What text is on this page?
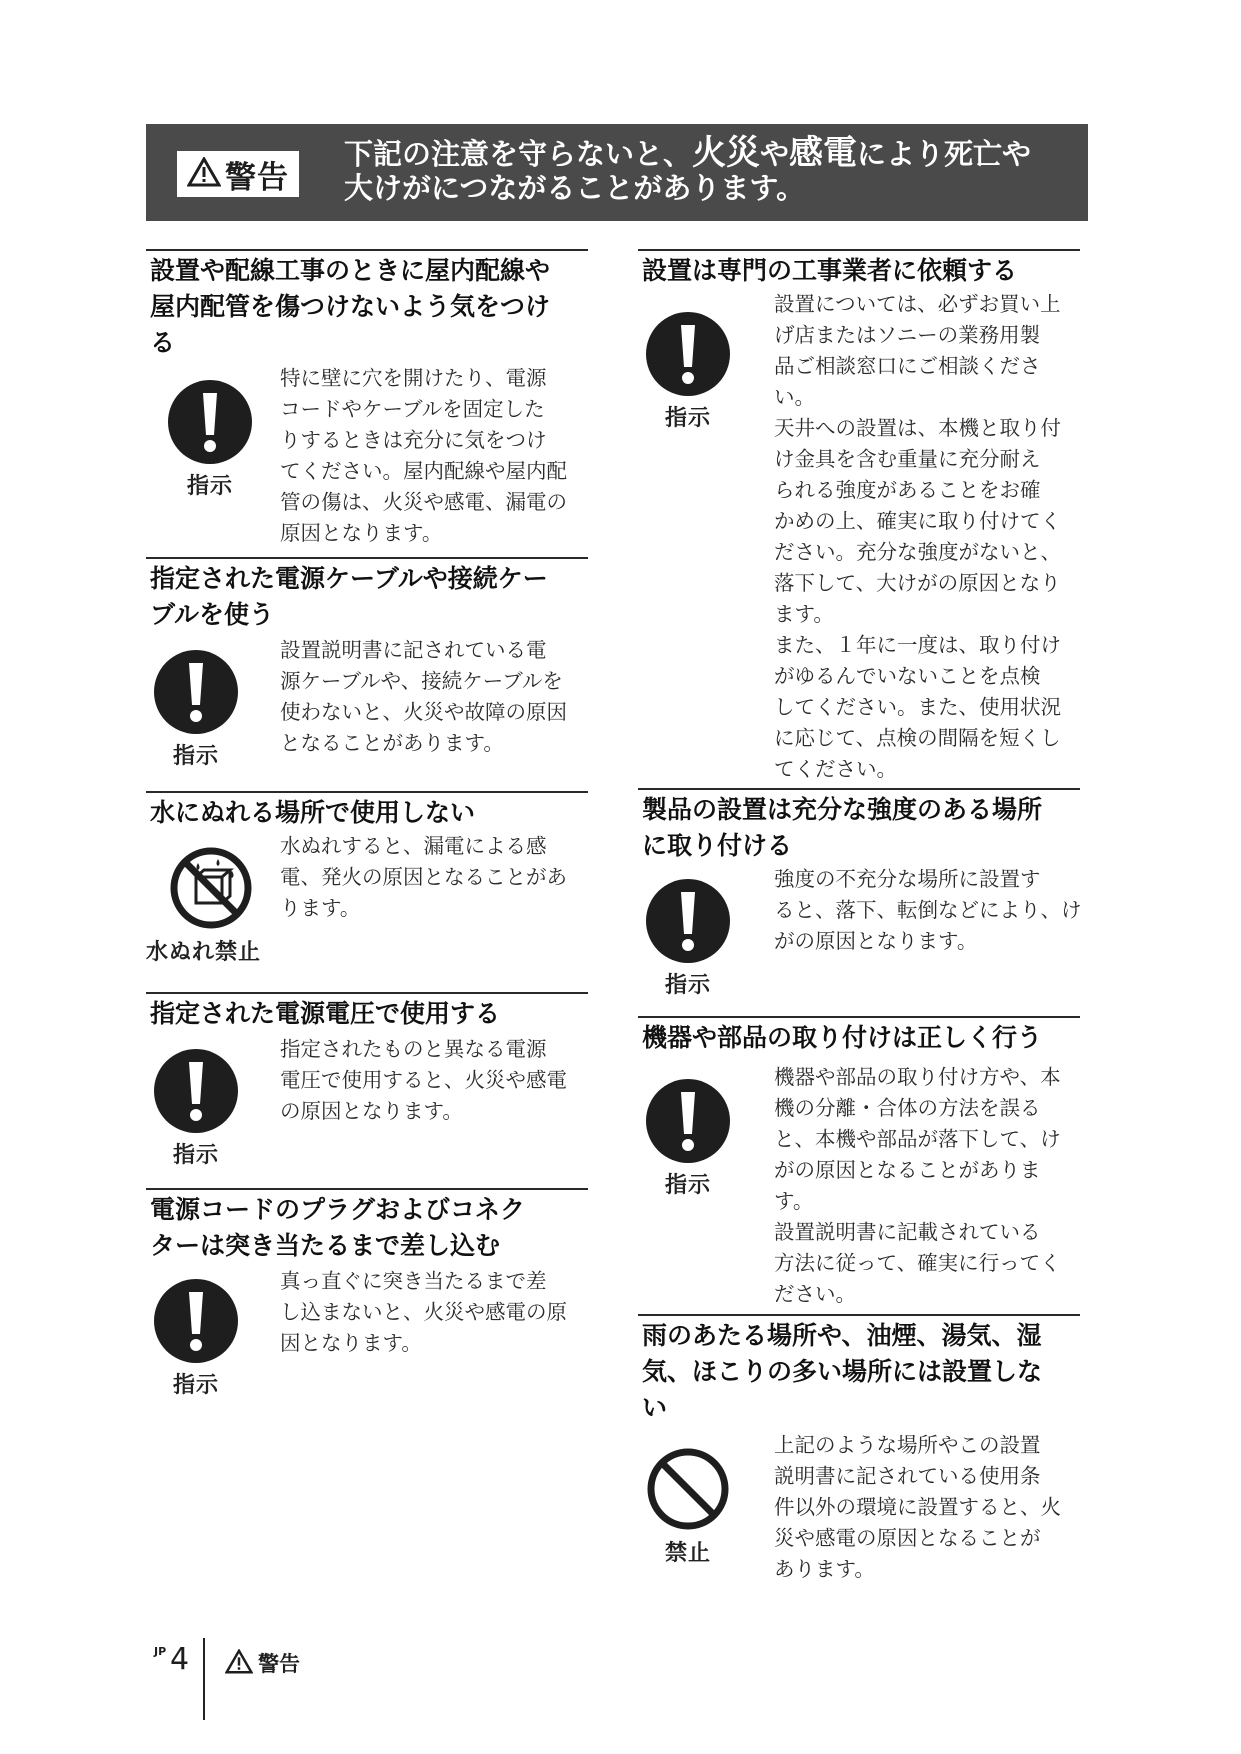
警告
下記の注意を守らないと、火災や感電により死亡や
大けがにつながることがあります。
設置や配線工事のときに屋内配線や
屋内配管を傷つけないよう気をつけ
る
指示
特に壁に穴を開けたり、電源
コードやケーブルを固定した
りするときは充分に気をつけ
てください。屋内配線や屋内配
管の傷は、火災や感電、漏電の
原因となります。
指定された電源ケーブルや接続ケー
ブルを使う
指示
設置説明書に記されている電
源ケーブルや、接続ケーブルを
使わないと、火災や故障の原因
となることがあります。
水にぬれる場所で使用しない
水ぬれ禁止
水ぬれすると、漏電による感
電、発火の原因となることがあ
ります。
指定された電源電圧で使用する
指示
指定されたものと異なる電源
電圧で使用すると、火災や感電
の原因となります。
電源コードのプラグおよびコネク
ターは突き当たるまで差し込む
指示
真っ直ぐに突き当たるまで差
し込まないと、火災や感電の原
因となります。
設置は専門の工事業者に依頼する
指示
設置については、必ずお買い上
げ店またはソニーの業務用製
品ご相談窓口にご相談くださ
い。
天井への設置は、本機と取り付
け金具を含む重量に充分耐え
られる強度があることをお確
かめの上、確実に取り付けてく
ださい。充分な強度がないと、
落下して、大けがの原因となり
ます。
また、１年に一度は、取り付け
がゆるんでいないことを点検
してください。また、使用状況
に応じて、点検の間隔を短くし
てください。
製品の設置は充分な強度のある場所
に取り付ける
指示
強度の不充分な場所に設置す
ると、落下、転倒などにより、け
がの原因となります。
機器や部品の取り付けは正しく行う
指示
機器や部品の取り付け方や、本
機の分離・合体の方法を誤る
と、本機や部品が落下して、け
がの原因となることがありま
す。
設置説明書に記載されている
方法に従って、確実に行ってく
ださい。
雨のあたる場所や、油煙、湯気、湿
気、ほこりの多い場所には設置しな
い
禁止
上記のような場所やこの設置
説明書に記されている使用条
件以外の環境に設置すると、火
災や感電の原因となることが
あります。
JP 4	警告
